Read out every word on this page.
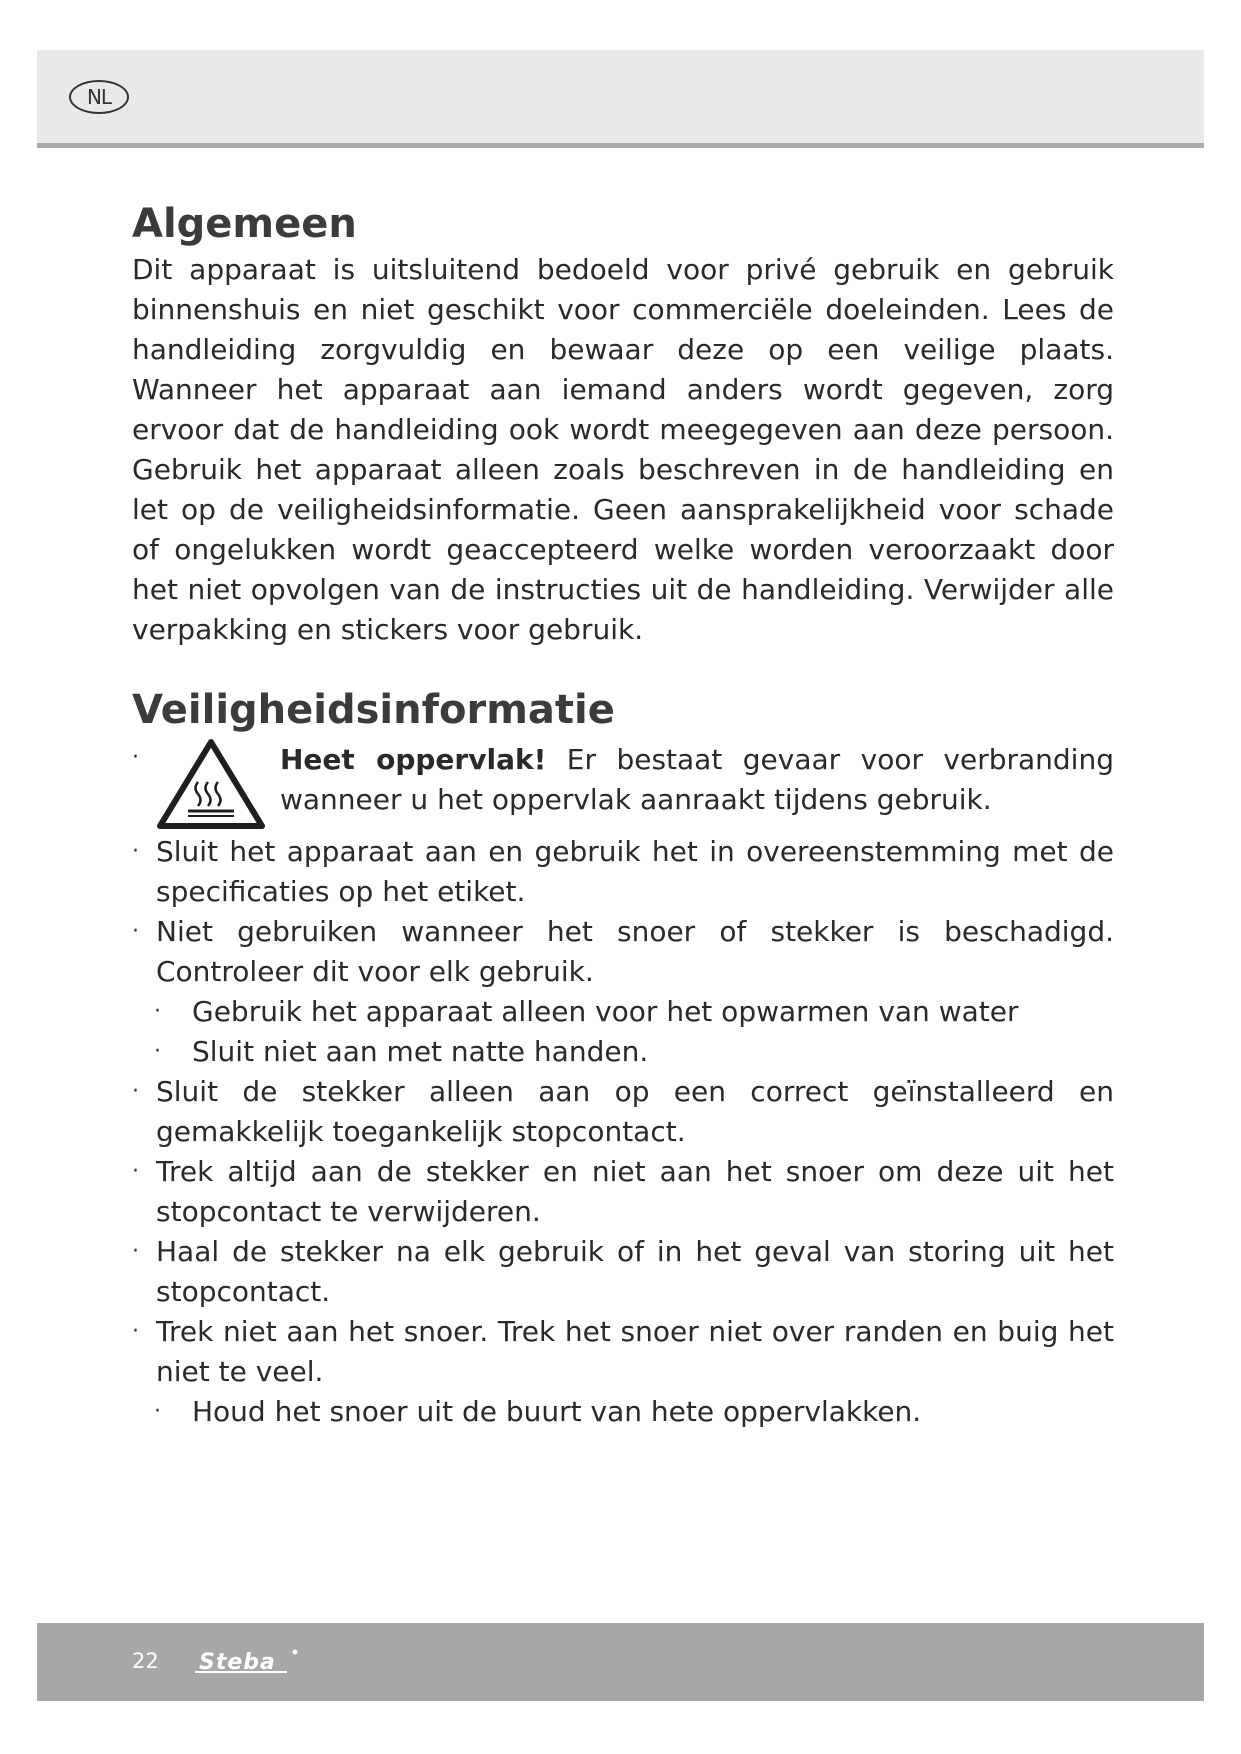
NL
Algemeen

Dit apparaat is uitsluitend bedoeld voor privé gebruik en gebruik binnenshuis en niet geschikt voor commerciële doeleinden. Lees de handleiding zorgvuldig en bewaar deze op een veilige plaats. Wanneer het apparaat aan iemand anders wordt gegeven, zorg ervoor dat de handleiding ook wordt meegegeven aan deze persoon. Gebruik het apparaat alleen zoals beschreven in de handleiding en let op de veiligheidsinformatie. Geen aansprakelijkheid voor schade of ongelukken wordt geaccepteerd welke worden veroorzaakt door het niet opvolgen van de instructies uit de handleiding. Verwijder alle verpakking en stickers voor gebruik.

Veiligheidsinformatie
·	Heet oppervlak! Er bestaat gevaar voor verbranding wanneer u het oppervlak aanraakt tijdens gebruik.
· Sluit het apparaat aan en gebruik het in overeenstemming met de specificaties op het etiket.
· Niet gebruiken wanneer het snoer of stekker is beschadigd. Controleer dit voor elk gebruik.
· Gebruik het apparaat alleen voor het opwarmen van water
· Sluit niet aan met natte handen.
· Sluit de stekker alleen aan op een correct geïnstalleerd en gemakkelijk toegankelijk stopcontact.
· Trek altijd aan de stekker en niet aan het snoer om deze uit het stopcontact te verwijderen.
· Haal de stekker na elk gebruik of in het geval van storing uit het stopcontact.
· Trek niet aan het snoer. Trek het snoer niet over randen en buig het niet te veel.
· Houd het snoer uit de buurt van hete oppervlakken.
22 Steba
